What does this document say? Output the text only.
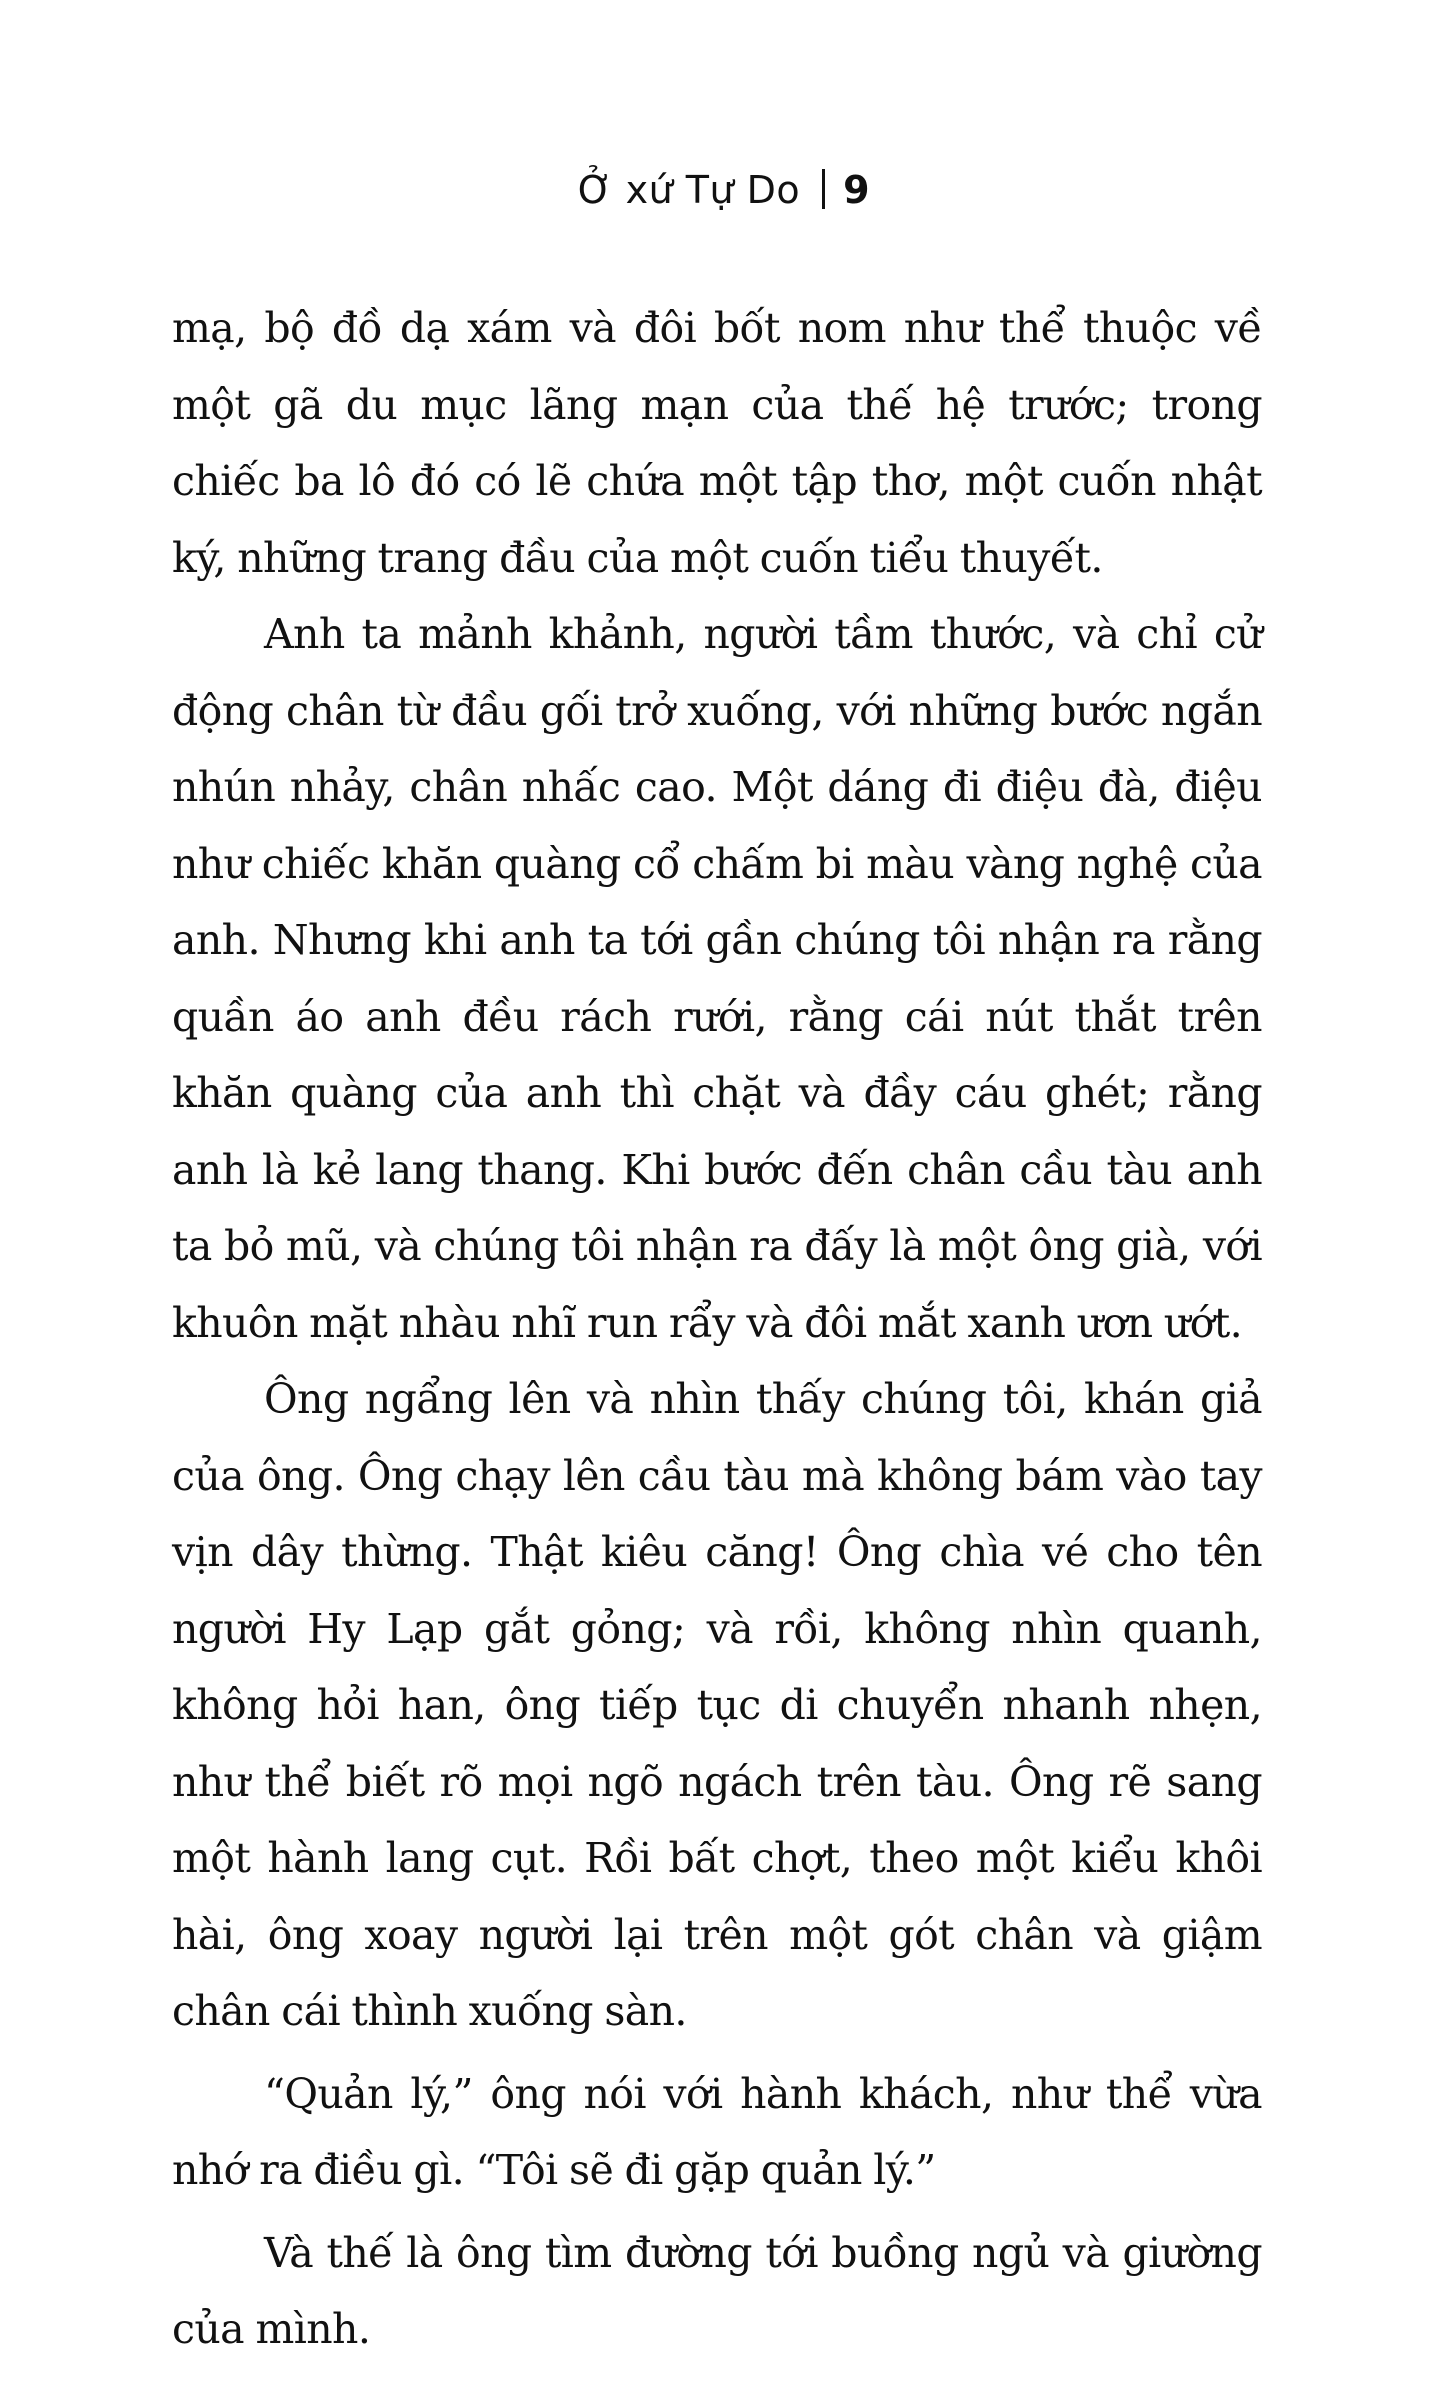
Ở xứ Tự Do 9

mạ, bộ đồ dạ xám và đôi bốt nom như thể thuộc về một gã du mục lãng mạn của thế hệ trước; trong chiếc ba lô đó có lẽ chứa một tập thơ, một cuốn nhật ký, những trang đầu của một cuốn tiểu thuyết.

Anh ta mảnh khảnh, người tầm thước, và chỉ cử động chân từ đầu gối trở xuống, với những bước ngắn nhún nhảy, chân nhấc cao. Một dáng đi điệu đà, điệu như chiếc khăn quàng cổ chấm bi màu vàng nghệ của anh. Nhưng khi anh ta tới gần chúng tôi nhận ra rằng quần áo anh đều rách rưới, rằng cái nút thắt trên khăn quàng của anh thì chặt và đầy cáu ghét; rằng anh là kẻ lang thang. Khi bước đến chân cầu tàu anh ta bỏ mũ, và chúng tôi nhận ra đấy là một ông già, với khuôn mặt nhàu nhĩ run rẩy và đôi mắt xanh ươn ướt.

Ông ngẩng lên và nhìn thấy chúng tôi, khán giả của ông. Ông chạy lên cầu tàu mà không bám vào tay vịn dây thừng. Thật kiêu căng! Ông chìa vé cho tên người Hy Lạp gắt gỏng; và rồi, không nhìn quanh, không hỏi han, ông tiếp tục di chuyển nhanh nhẹn, như thể biết rõ mọi ngõ ngách trên tàu. Ông rẽ sang một hành lang cụt. Rồi bất chợt, theo một kiểu khôi hài, ông xoay người lại trên một gót chân và giậm chân cái thình xuống sàn.

“Quản lý,” ông nói với hành khách, như thể vừa nhớ ra điều gì. “Tôi sẽ đi gặp quản lý.”

Và thế là ông tìm đường tới buồng ngủ và giường của mình.
